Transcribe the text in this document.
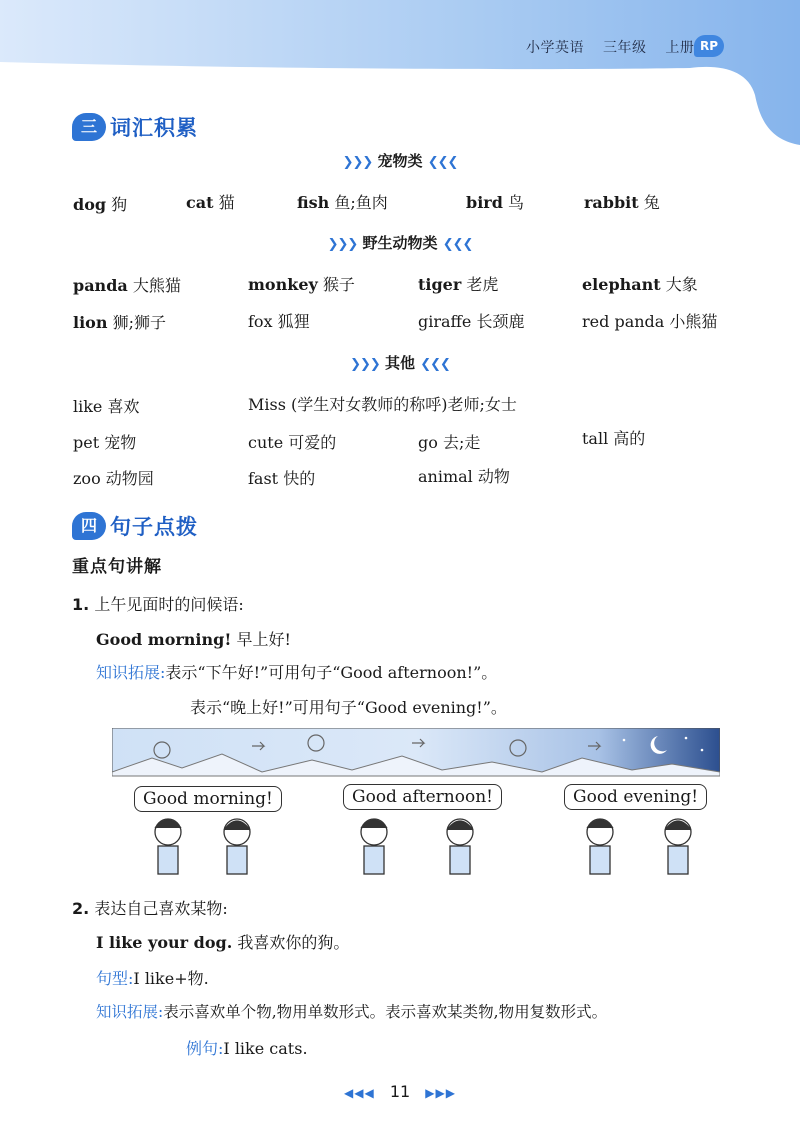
小学英语 三年级 上册 RP
三 词汇积累
❯❯❯ 宠物类 ❮❮❮
dog 狗	cat 猫	fish 鱼;鱼肉	bird 鸟	rabbit 兔
❯❯❯ 野生动物类 ❮❮❮
panda 大熊猫	monkey 猴子	tiger 老虎	elephant 大象
lion 狮;狮子	fox 狐狸	giraffe 长颈鹿	red panda 小熊猫
❯❯❯ 其他 ❮❮❮
like 喜欢	Miss (学生对女教师的称呼)老师;女士
pet 宠物	cute 可爱的	go 去;走	tall 高的
zoo 动物园	fast 快的	animal 动物
四 句子点拨
重点句讲解
1. 上午见面时的问候语:
Good morning! 早上好!
知识拓展:表示“下午好!”可用句子“Good afternoon!”。
表示“晚上好!”可用句子“Good evening!”。
Good morning!	Good afternoon!	Good evening!
2. 表达自己喜欢某物:
I like your dog. 我喜欢你的狗。
句型:I like+物.
知识拓展:表示喜欢单个物,物用单数形式。表示喜欢某类物,物用复数形式。
例句:I like cats.
◀◀◀ 11 ▶▶▶
